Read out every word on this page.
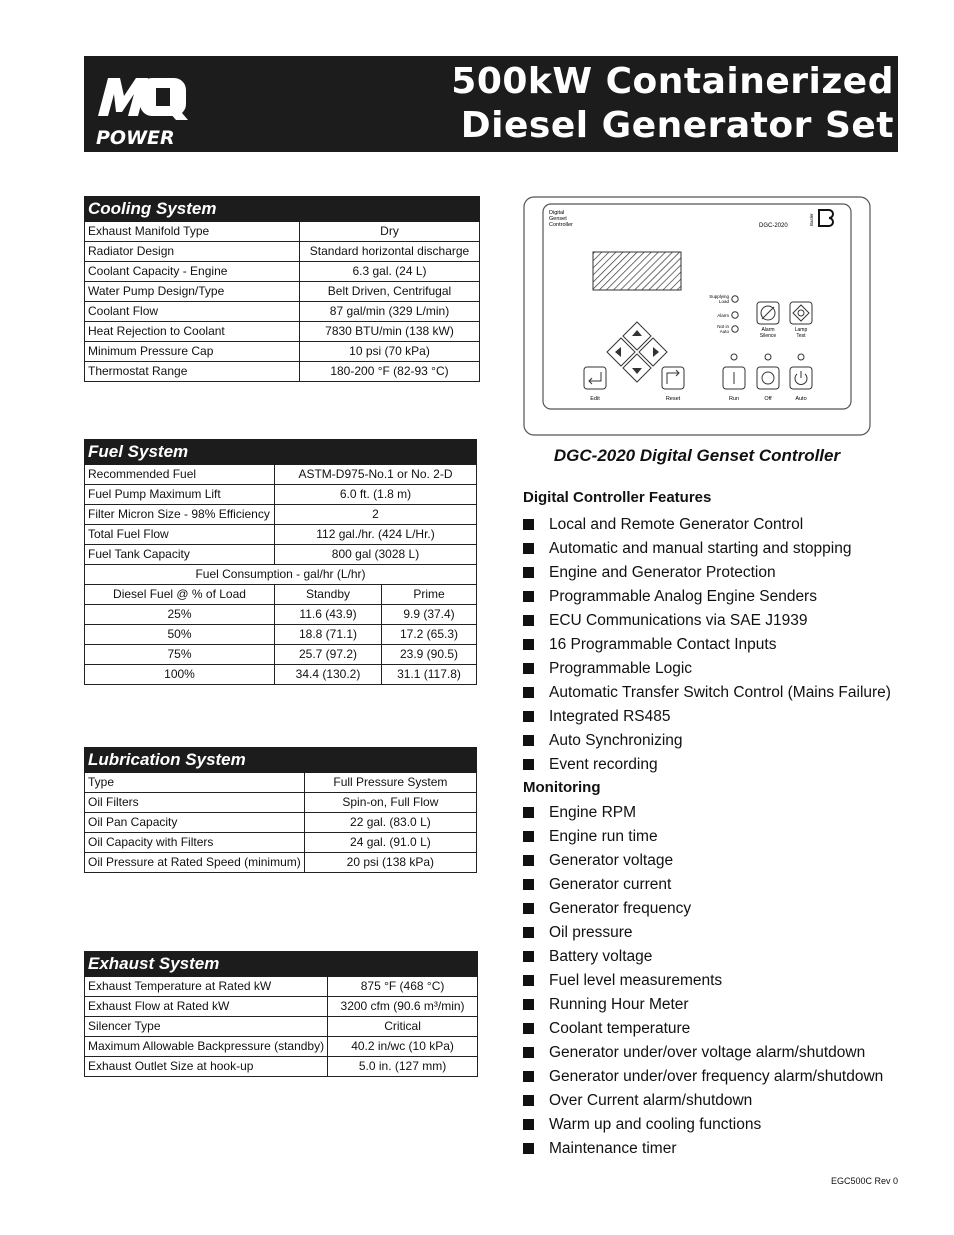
POWER
500kW Containerized
Diesel Generator Set
Cooling System	
Exhaust Manifold Type	Dry
Radiator Design	Standard horizontal discharge
Coolant Capacity - Engine	6.3 gal. (24 L)
Water Pump Design/Type	Belt Driven, Centrifugal
Coolant Flow	87 gal/min (329 L/min)
Heat Rejection to Coolant	7830 BTU/min (138 kW)
Minimum Pressure Cap	10 psi (70 kPa)
Thermostat Range	180-200 °F (82-93 °C)
Fuel System		
Recommended Fuel	ASTM-D975-No.1 or No. 2-D	
Fuel Pump Maximum Lift	6.0 ft. (1.8 m)	
Filter Micron Size - 98% Efficiency	2	
Total Fuel Flow	112 gal./hr. (424 L/Hr.)	
Fuel Tank Capacity	800 gal (3028 L)	
Fuel Consumption - gal/hr (L/hr)		
Diesel Fuel @ % of Load	Standby	Prime
25%	11.6 (43.9)	9.9 (37.4)
50%	18.8 (71.1)	17.2 (65.3)
75%	25.7 (97.2)	23.9 (90.5)
100%	34.4 (130.2)	31.1 (117.8)
Lubrication System	
Type	Full Pressure System
Oil Filters	Spin-on, Full Flow
Oil Pan Capacity	22 gal. (83.0 L)
Oil Capacity with Filters	24 gal. (91.0 L)
Oil Pressure at Rated Speed (minimum)	20 psi (138 kPa)
Exhaust System	
Exhaust Temperature at Rated kW	875 °F (468 °C)
Exhaust Flow at Rated kW	3200 cfm (90.6 m³/min)
Silencer Type	Critical
Maximum Allowable Backpressure (standby)	40.2 in/wc (10 kPa)
Exhaust Outlet Size at hook-up	5.0 in. (127 mm)
Digital
Genset
Controller	DGC-2020	Basler
Supplying
Load
Alarm
Not in
Auto	Alarm
Silence
Lamp
Test
Edit	Reset	Run	Off	Auto
DGC-2020 Digital Genset Controller
Digital Controller Features
Local and Remote Generator Control
Automatic and manual starting and stopping
Engine and Generator Protection
Programmable Analog Engine Senders
ECU Communications via SAE J1939
16 Programmable Contact Inputs
Programmable Logic
Automatic Transfer Switch Control (Mains Failure)
Integrated RS485
Auto Synchronizing
Event recording
Monitoring
Engine RPM
Engine run time
Generator voltage
Generator current
Generator frequency
Oil pressure
Battery voltage
Fuel level measurements
Running Hour Meter
Coolant temperature
Generator under/over voltage alarm/shutdown
Generator under/over frequency alarm/shutdown
Over Current alarm/shutdown
Warm up and cooling functions
Maintenance timer
EGC500C Rev 0
